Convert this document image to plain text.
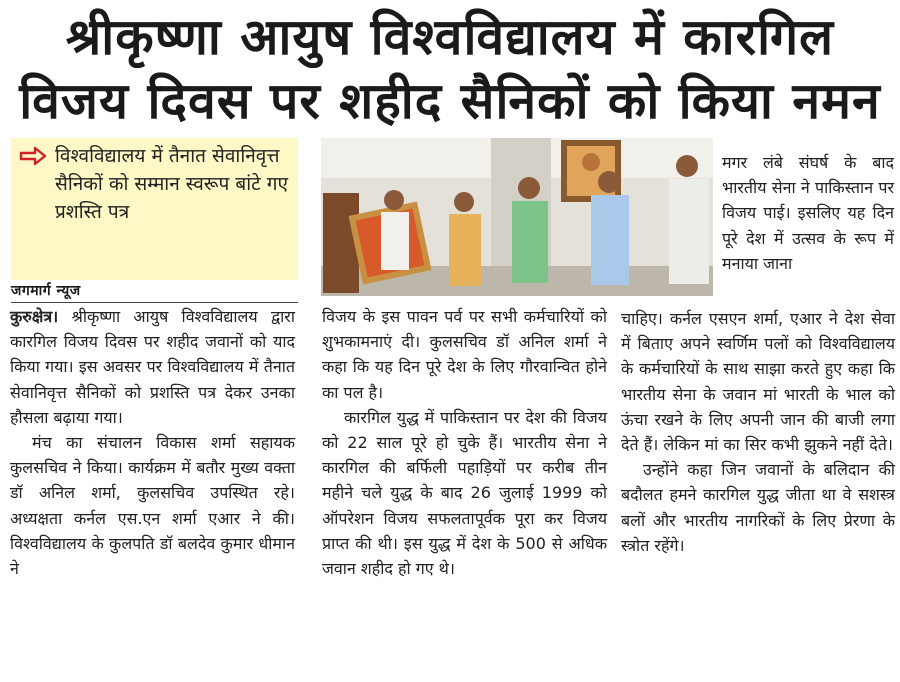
श्रीकृष्णा आयुष विश्वविद्यालय में कारगिल
विजय दिवस पर शहीद सैनिकों को किया नमन
विश्वविद्यालय में तैनात सेवानिवृत्त सैनिकों को सम्मान स्वरूप बांटे गए प्रशस्ति पत्र
जगमार्ग न्यूज

कुरुक्षेत्र। श्रीकृष्णा आयुष विश्वविद्यालय द्वारा कारगिल विजय दिवस पर शहीद जवानों को याद किया गया। इस अवसर पर विश्वविद्यालय में तैनात सेवानिवृत्त सैनिकों को प्रशस्ति पत्र देकर उनका हौसला बढ़ाया गया।

मंच का संचालन विकास शर्मा सहायक कुलसचिव ने किया। कार्यक्रम में बतौर मुख्य वक्ता डॉ अनिल शर्मा, कुलसचिव उपस्थित रहे। अध्यक्षता कर्नल एस.एन शर्मा एआर ने की। विश्वविद्यालय के कुलपति डॉ बलदेव कुमार धीमान ने

विजय के इस पावन पर्व पर सभी कर्मचारियों को शुभकामनाएं दी। कुलसचिव डॉ अनिल शर्मा ने कहा कि यह दिन पूरे देश के लिए गौरवान्वित होने का पल है।

कारगिल युद्ध में पाकिस्तान पर देश की विजय को 22 साल पूरे हो चुके हैं। भारतीय सेना ने कारगिल की बर्फिली पहाड़ियों पर करीब तीन महीने चले युद्ध के बाद 26 जुलाई 1999 को ऑपरेशन विजय सफलतापूर्वक पूरा कर विजय प्राप्त की थी। इस युद्ध में देश के 500 से अधिक जवान शहीद हो गए थे।

मगर लंबे संघर्ष के बाद भारतीय सेना ने पाकिस्तान पर विजय पाई। इसलिए यह दिन पूरे देश में उत्सव के रूप में मनाया जाना

चाहिए। कर्नल एसएन शर्मा, एआर ने देश सेवा में बिताए अपने स्वर्णिम पलों को विश्वविद्यालय के कर्मचारियों के साथ साझा करते हुए कहा कि भारतीय सेना के जवान मां भारती के भाल को ऊंचा रखने के लिए अपनी जान की बाजी लगा देते हैं। लेकिन मां का सिर कभी झुकने नहीं देते।

उन्होंने कहा जिन जवानों के बलिदान की बदौलत हमने कारगिल युद्ध जीता था वे सशस्त्र बलों और भारतीय नागरिकों के लिए प्रेरणा के स्त्रोत रहेंगे।
